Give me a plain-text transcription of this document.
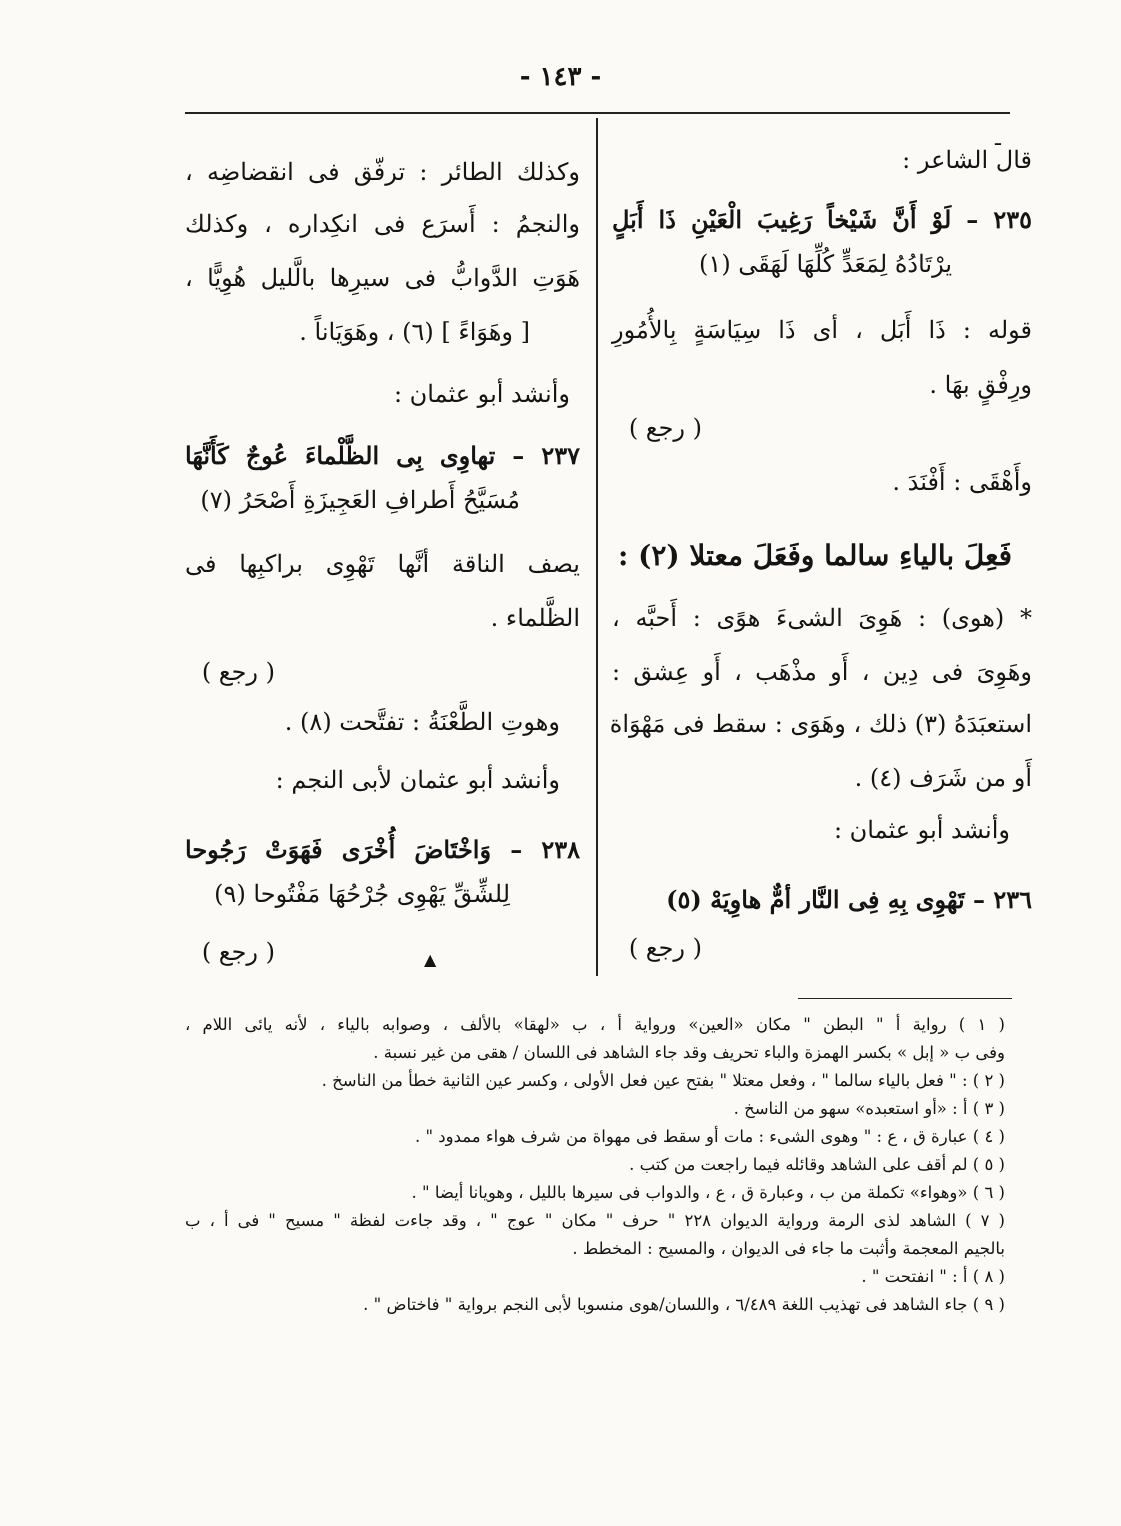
- ١٤٣ -
ـ
قال الشاعر :
٢٣٥ – لَوْ أَنَّ شَيْخاً رَغِيبَ الْعَيْنِ ذَا أَبَلٍ
يرْتَادُهُ لِمَعَدٍّ كُلِّهَا لَهَقَى (١)
قوله : ذَا أَبَل ، أى ذَا سِيَاسَةٍ بِالأُمُورِ
ورِفْقٍ بهَا .
( رجع )
وأَهْقَى : أَفْنَدَ .
فَعِلَ بالياءِ سالما وفَعَلَ معتلا (٢) :
* (هوى) : هَوِىَ الشىءَ هوًى : أَحبَّه ،
وهَوِىَ فى دِين ، أَو مذْهَب ، أَو عِشق :
استعبَدَهُ (٣) ذلك ، وهَوَى : سقط فى مَهْوَاة
أَو من شَرَف (٤) .
وأنشد أبو عثمان :
٢٣٦ – تَهْوِى بِهِ فِى النَّار أمٌّ هاوِيَهْ (٥)
( رجع )
وكذلك الطائر : ترفّق فى انقضاضِه ،
والنجمُ : أَسرَع فى انكِداره ، وكذلك
هَوَتِ الدَّوابُّ فى سيرِها بالَّليل هُوِيًّا ،
[ وهَوَاءً ] (٦) ، وهَوَيَاناً .
وأنشد أبو عثمان :
٢٣٧ – تهاوِى بِى الظَّلْماءَ عُوجٌ كَأَنَّهَا
مُسَيَّحُ أَطرافِ العَجِيزَةِ أَصْحَرُ (٧)
يصف الناقة أنَّها تَهْوِى براكبِها فى
الظَّلماء .
( رجع )
وهوتِ الطَّعْنَةُ : تفتَّحت (٨) .
وأنشد أبو عثمان لأبى النجم :
٢٣٨ – وَاخْتَاضَ أُخْرَى فَهَوَتْ رَجُوحا
لِلشِّقِّ يَهْوِى جُرْحُهَا مَفْتُوحا (٩)
( رجع )	▲
( ١ ) رواية أ " البطن " مكان «العين» ورواية أ ، ب «لهقا» بالألف ، وصوابه بالياء ، لأنه يائى اللام ،
وفى ب « إبل » بكسر الهمزة والباء تحريف وقد جاء الشاهد فى اللسان / هقى من غير نسبة .
( ٢ ) : " فعل بالياء سالما " ، وفعل معتلا " بفتح عين فعل الأولى ، وكسر عين الثانية خطأ من الناسخ .
( ٣ ) أ : «أو استعبده» سهو من الناسخ .
( ٤ ) عبارة ق ، ع : " وهوى الشىء : مات أو سقط فى مهواة من شرف هواء ممدود " .
( ٥ ) لم أقف على الشاهد وقائله فيما راجعت من كتب .
( ٦ ) «وهواء» تكملة من ب ، وعبارة ق ، ع ، والدواب فى سيرها بالليل ، وهويانا أيضا " .
( ٧ ) الشاهد لذى الرمة ورواية الديوان ٢٢٨ " حرف " مكان " عوج " ، وقد جاءت لفظة " مسيح " فى أ ، ب
بالجيم المعجمة وأثبت ما جاء فى الديوان ، والمسيح : المخطط .
( ٨ ) أ : " انفتحت " .
( ٩ ) جاء الشاهد فى تهذيب اللغة ٦/٤٨٩ ، واللسان/هوى منسوبا لأبى النجم برواية " فاختاض " .
